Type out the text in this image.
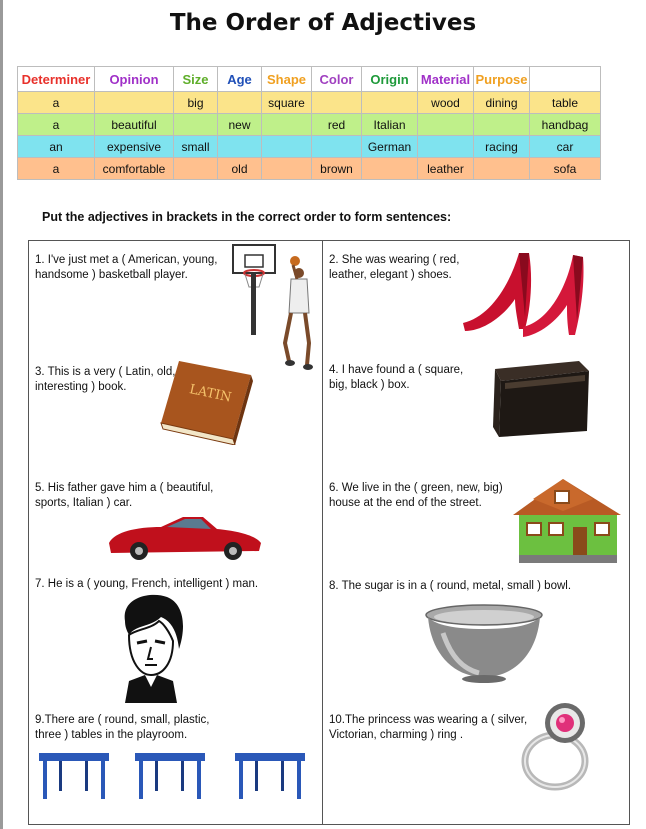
The Order of Adjectives
Determiner	Opinion	Size	Age	Shape	Color	Origin	Material	Purpose	
a		big		square			wood	dining	table
a	beautiful		new		red	Italian			handbag
an	expensive	small				German		racing	car
a	comfortable		old		brown		leather		sofa
Put the adjectives in brackets in the correct order to form sentences:
1. I've just met a ( American, young, handsome ) basketball player.
3. This is a very ( Latin, old, interesting ) book.
5. His father gave him a ( beautiful, sports, Italian ) car.
7. He is a ( young, French, intelligent ) man.
9.There are ( round, small, plastic, three ) tables in the playroom.
2. She was wearing ( red, leather, elegant ) shoes.
4. I have found a ( square, big, black ) box.
6. We live in the ( green, new, big) house at the end of the street.
8. The sugar is in a ( round, metal, small ) bowl.
10.The princess was wearing a ( silver, Victorian, charming ) ring .
LATIN
